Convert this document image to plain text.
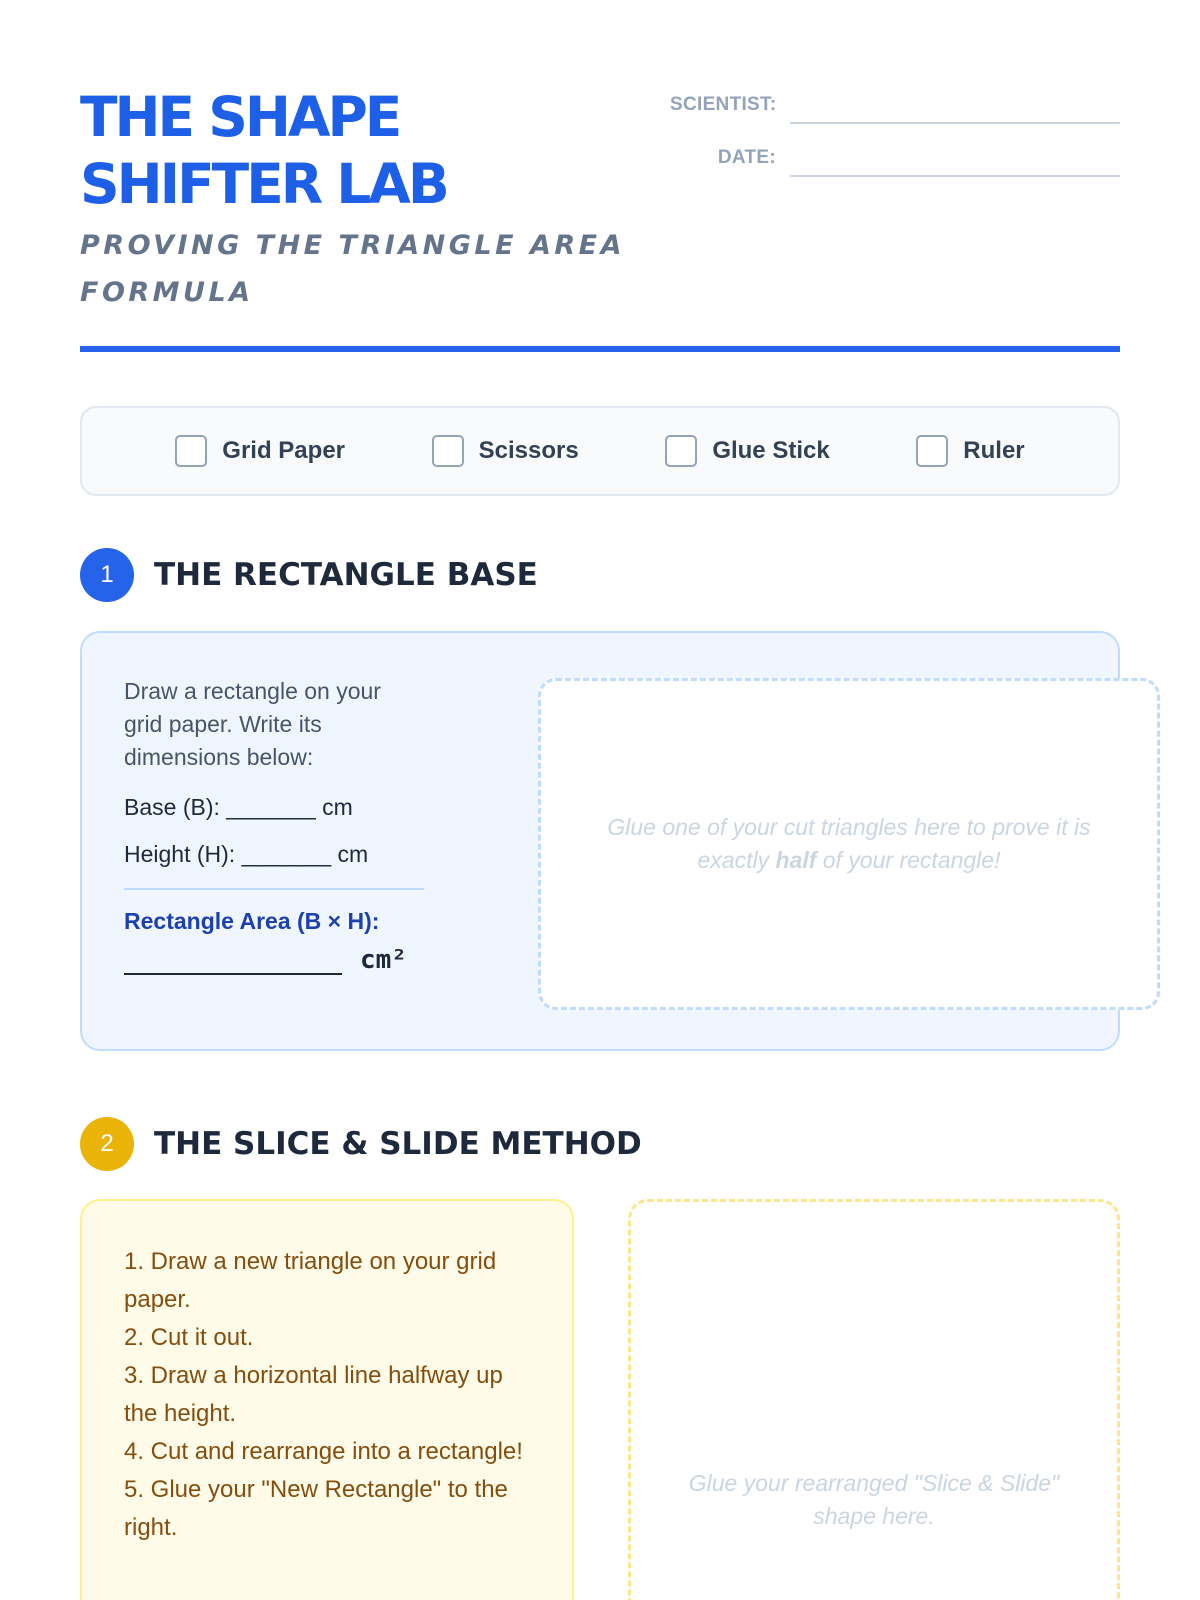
THE SHAPE SHIFTER LAB
PROVING THE TRIANGLE AREA FORMULA
SCIENTIST:
DATE:
Grid Paper	Scissors	Glue Stick	Ruler
1	THE RECTANGLE BASE

Draw a rectangle on your grid paper. Write its dimensions below:

Base (B): _______ cm

Height (H): _______ cm

Rectangle Area (B × H):

cm²

Glue one of your cut triangles here to prove it is exactly half of your rectangle!

2	THE SLICE & SLIDE METHOD

1. Draw a new triangle on your grid paper.

2. Cut it out.

3. Draw a horizontal line halfway up the height.

4. Cut and rearrange into a rectangle!

5. Glue your "New Rectangle" to the right.

Glue your rearranged "Slice & Slide" shape here.
